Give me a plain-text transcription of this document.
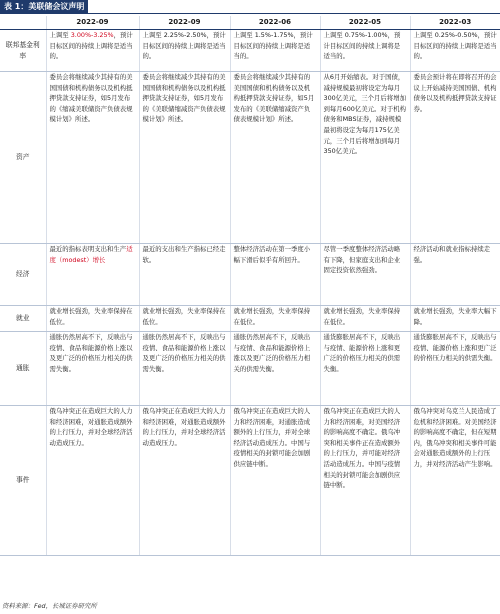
表 1：美联储会议声明
	2022-09	2022-09	2022-06	2022-05	2022-03
联邦基金利率	上调至 3.00%-3.25%，预计目标区间的持续上调将是适当的。	上调至 2.25%-2.50%，预计目标区间的持续上调将是适当的。	上调至 1.5%-1.75%，预计目标区间的持续上调将是适当的。	上调至 0.75%-1.00%，预计目标区间的持续上调将是适当的。	上调至 0.25%-0.50%，预计目标区间的持续上调将是适当的。
资产	委员会将继续减少其持有的美国国债和机构债务以及机构抵押贷款支持证券，如5月发布的《缩减美联储资产负债表规模计划》所述。	委员会将继续减少其持有的美国国债和机构债务以及机构抵押贷款支持证券，如5月发布的《美联储缩减资产负债表规模计划》所述。	委员会将继续减少其持有的美国国债和机构债务以及机构抵押贷款支持证券，如5月发布的《美联储缩减资产负债表规模计划》所述。	从6月开始缩表。对于国债，减持规模最初将设定为每月300亿美元，三个月后将增加到每月600亿美元。对于机构债务和MBS证券，减持规模最初将设定为每月175亿美元，三个月后将增加到每月350亿美元。	委员会预计将在即将召开的会议上开始减持美国国债、机构债务以及机构抵押贷款支持证券。
经济	最近的指标表明支出和生产适度（modest）增长	最近的支出和生产指标已经走软。	整体经济活动在第一季度小幅下滑后似乎有所回升。	尽管一季度整体经济活动略有下降，但家庭支出和企业固定投资依然强劲。	经济活动和就业指标持续走强。
就业	就业增长强劲，失业率保持在低位。	就业增长强劲，失业率保持在低位。	就业增长强劲，失业率保持在低位。	就业增长强劲，失业率保持在低位。	就业增长强劲，失业率大幅下降。
通胀	通胀仍然居高不下，反映出与疫情、食品和能源价格上涨以及更广泛的价格压力相关的供需失衡。	通胀仍然居高不下，反映出与疫情、食品和能源价格上涨以及更广泛的价格压力相关的供需失衡。	通胀仍然居高不下，反映出与疫情、食品和能源价格上涨以及更广泛的价格压力相关的供需失衡。	通货膨胀居高不下，反映出与疫情、能源价格上涨和更广泛的价格压力相关的供需失衡。	通货膨胀居高不下，反映出与疫情、能源价格上涨和更广泛的价格压力相关的供需失衡。
事件	俄乌冲突正在造成巨大的人力和经济困难，对通胀造成额外的上行压力，并对全球经济活动造成压力。	俄乌冲突正在造成巨大的人力和经济困难，对通胀造成额外的上行压力，并对全球经济活动造成压力。	俄乌冲突正在造成巨大的人力和经济困难，对通胀造成额外的上行压力，并对全球经济活动造成压力。中国与疫情相关的封锁可能会加剧供应链中断。	俄乌冲突正在造成巨大的人力和经济困难，对美国经济的影响高度不确定。俄乌冲突和相关事件正在造成额外的上行压力，并可能对经济活动造成压力。中国与疫情相关的封锁可能会加剧供应链中断。	俄乌冲突对乌克兰人民造成了危机和经济困难。对美国经济的影响高度不确定，但在短期内，俄乌冲突和相关事件可能会对通胀造成额外的上行压力，并对经济活动产生影响。
资料来源：Fed，长城证券研究所
